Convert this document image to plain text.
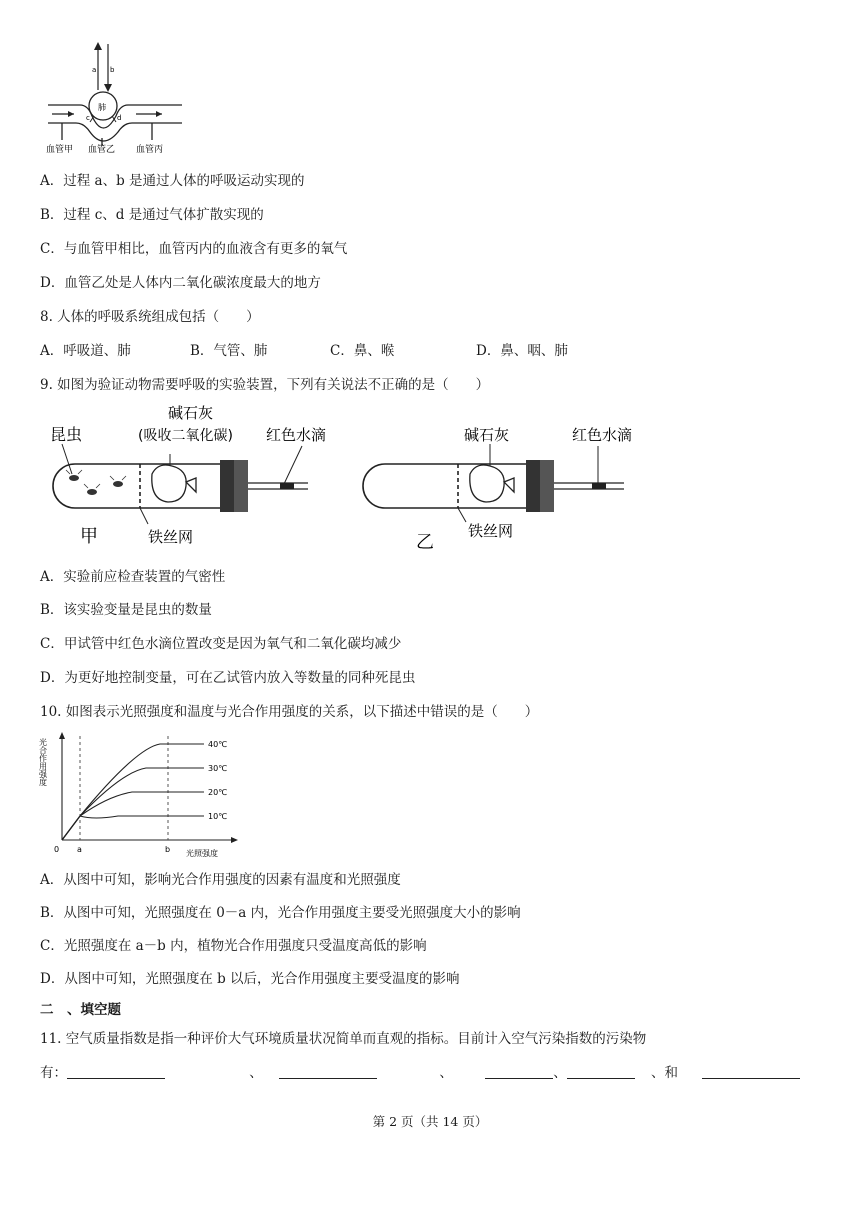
a b
c	d
肺
血管甲 血管乙 血管丙
A．过程 a、b 是通过人体的呼吸运动实现的
B．过程 c、d 是通过气体扩散实现的
C．与血管甲相比，血管丙内的血液含有更多的氧气
D．血管乙处是人体内二氧化碳浓度最大的地方
8. 人体的呼吸系统组成包括（　　）
A．呼吸道、肺	B．气管、肺	C．鼻、喉	D．鼻、咽、肺
9. 如图为验证动物需要呼吸的实验装置，下列有关说法不正确的是（　　）
昆虫
碱石灰
(吸收二氧化碳) 红色水滴
铁丝网
甲
碱石灰	红色水滴
铁丝网
乙
A．实验前应检查装置的气密性
B．该实验变量是昆虫的数量
C．甲试管中红色水滴位置改变是因为氧气和二氧化碳均减少
D．为更好地控制变量，可在乙试管内放入等数量的同种死昆虫
10. 如图表示光照强度和温度与光合作用强度的关系，以下描述中错误的是（　　）
40℃
30℃
20℃
10℃
光合作用强度
0 a	b 光照强度
A．从图中可知，影响光合作用强度的因素有温度和光照强度
B．从图中可知，光照强度在 0－a 内，光合作用强度主要受光照强度大小的影响
C．光照强度在 a－b 内，植物光合作用强度只受温度高低的影响
D．从图中可知，光照强度在 b 以后，光合作用强度主要受温度的影响
二　、填空题
11. 空气质量指数是指一种评价大气环境质量状况简单而直观的指标。目前计入空气污染指数的污染物
有：	、	、	、	、和
第 2 页（共 14 页）
